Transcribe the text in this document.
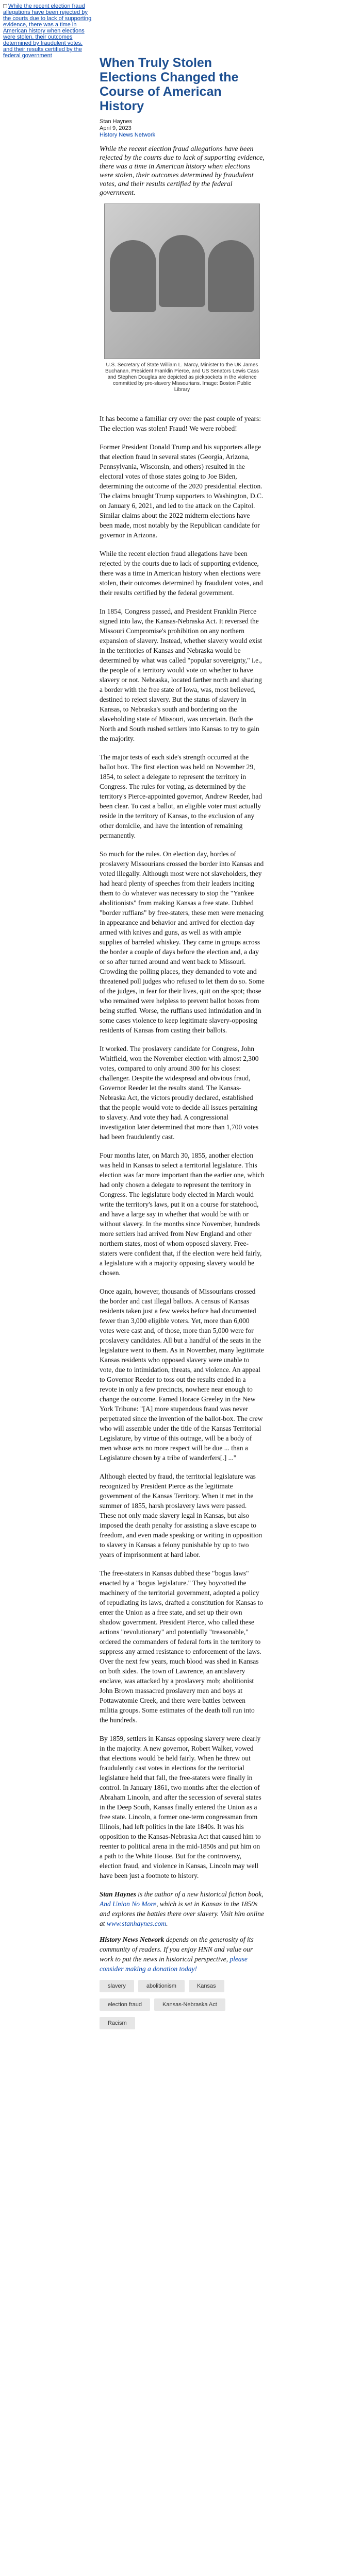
While the recent election fraud allegations have been rejected by the courts due to lack of supporting evidence, there was a time in American history when elections were stolen, their outcomes determined by fraudulent votes, and their results certified by the federal government	When Truly Stolen Elections Changed the Course of American History
Stan Haynes
April 9, 2023
History News Network

While the recent election fraud allegations have been rejected by the courts due to lack of supporting evidence, there was a time in American history when elections were stolen, their outcomes determined by fraudulent votes, and their results certified by the federal government.

U.S. Secretary of State William L. Marcy, Minister to the UK James Buchanan, President Franklin Pierce, and US Senators Lewis Cass and Stephen Douglas are depicted as pickpockets in the violence committed by pro-slavery Missourians. Image: Boston Public Library

It has become a familiar cry over the past couple of years: The election was stolen! Fraud! We were robbed!

Former President Donald Trump and his supporters allege that election fraud in several states (Georgia, Arizona, Pennsylvania, Wisconsin, and others) resulted in the electoral votes of those states going to Joe Biden, determining the outcome of the 2020 presidential election. The claims brought Trump supporters to Washington, D.C. on January 6, 2021, and led to the attack on the Capitol. Similar claims about the 2022 midterm elections have been made, most notably by the Republican candidate for governor in Arizona.

While the recent election fraud allegations have been rejected by the courts due to lack of supporting evidence, there was a time in American history when elections were stolen, their outcomes determined by fraudulent votes, and their results certified by the federal government.

In 1854, Congress passed, and President Franklin Pierce signed into law, the Kansas-Nebraska Act. It reversed the Missouri Compromise's prohibition on any northern expansion of slavery. Instead, whether slavery would exist in the territories of Kansas and Nebraska would be determined by what was called "popular sovereignty," i.e., the people of a territory would vote on whether to have slavery or not. Nebraska, located farther north and sharing a border with the free state of Iowa, was, most believed, destined to reject slavery. But the status of slavery in Kansas, to Nebraska's south and bordering on the slaveholding state of Missouri, was uncertain. Both the North and South rushed settlers into Kansas to try to gain the majority.

The major tests of each side's strength occurred at the ballot box. The first election was held on November 29, 1854, to select a delegate to represent the territory in Congress. The rules for voting, as determined by the territory's Pierce-appointed governor, Andrew Reeder, had been clear. To cast a ballot, an eligible voter must actually reside in the territory of Kansas, to the exclusion of any other domicile, and have the intention of remaining permanently.

So much for the rules. On election day, hordes of proslavery Missourians crossed the border into Kansas and voted illegally. Although most were not slaveholders, they had heard plenty of speeches from their leaders inciting them to do whatever was necessary to stop the "Yankee abolitionists" from making Kansas a free state. Dubbed "border ruffians" by free-staters, these men were menacing in appearance and behavior and arrived for election day armed with knives and guns, as well as with ample supplies of barreled whiskey. They came in groups across the border a couple of days before the election and, a day or so after turned around and went back to Missouri. Crowding the polling places, they demanded to vote and threatened poll judges who refused to let them do so. Some of the judges, in fear for their lives, quit on the spot; those who remained were helpless to prevent ballot boxes from being stuffed. Worse, the ruffians used intimidation and in some cases violence to keep legitimate slavery-opposing residents of Kansas from casting their ballots.

It worked. The proslavery candidate for Congress, John Whitfield, won the November election with almost 2,300 votes, compared to only around 300 for his closest challenger. Despite the widespread and obvious fraud, Governor Reeder let the results stand. The Kansas-Nebraska Act, the victors proudly declared, established that the people would vote to decide all issues pertaining to slavery. And vote they had. A congressional investigation later determined that more than 1,700 votes had been fraudulently cast.

Four months later, on March 30, 1855, another election was held in Kansas to select a territorial legislature. This election was far more important than the earlier one, which had only chosen a delegate to represent the territory in Congress. The legislature body elected in March would write the territory's laws, put it on a course for statehood, and have a large say in whether that would be with or without slavery. In the months since November, hundreds more settlers had arrived from New England and other northern states, most of whom opposed slavery. Free-staters were confident that, if the election were held fairly, a legislature with a majority opposing slavery would be chosen.

Once again, however, thousands of Missourians crossed the border and cast illegal ballots. A census of Kansas residents taken just a few weeks before had documented fewer than 3,000 eligible voters. Yet, more than 6,000 votes were cast and, of those, more than 5,000 were for proslavery candidates. All but a handful of the seats in the legislature went to them. As in November, many legitimate Kansas residents who opposed slavery were unable to vote, due to intimidation, threats, and violence. An appeal to Governor Reeder to toss out the results ended in a revote in only a few precincts, nowhere near enough to change the outcome. Famed Horace Greeley in the New York Tribune: "[A] more stupendous fraud was never perpetrated since the invention of the ballot-box. The crew who will assemble under the title of the Kansas Territorial Legislature, by virtue of this outrage, will be a body of men whose acts no more respect will be due ... than a Legislature chosen by a tribe of wanderfers[.] ..."

Although elected by fraud, the territorial legislature was recognized by President Pierce as the legitimate government of the Kansas Territory. When it met in the summer of 1855, harsh proslavery laws were passed. These not only made slavery legal in Kansas, but also imposed the death penalty for assisting a slave escape to freedom, and even made speaking or writing in opposition to slavery in Kansas a felony punishable by up to two years of imprisonment at hard labor.

The free-staters in Kansas dubbed these "bogus laws" enacted by a "bogus legislature." They boycotted the machinery of the territorial government, adopted a policy of repudiating its laws, drafted a constitution for Kansas to enter the Union as a free state, and set up their own shadow government. President Pierce, who called these actions "revolutionary" and potentially "treasonable," ordered the commanders of federal forts in the territory to suppress any armed resistance to enforcement of the laws. Over the next few years, much blood was shed in Kansas on both sides. The town of Lawrence, an antislavery enclave, was attacked by a proslavery mob; abolitionist John Brown massacred proslavery men and boys at Pottawatomie Creek, and there were battles between militia groups. Some estimates of the death toll run into the hundreds.

By 1859, settlers in Kansas opposing slavery were clearly in the majority. A new governor, Robert Walker, vowed that elections would be held fairly. When he threw out fraudulently cast votes in elections for the territorial legislature held that fall, the free-staters were finally in control. In January 1861, two months after the election of Abraham Lincoln, and after the secession of several states in the Deep South, Kansas finally entered the Union as a free state. Lincoln, a former one-term congressman from Illinois, had left politics in the late 1840s. It was his opposition to the Kansas-Nebraska Act that caused him to reenter to political arena in the mid-1850s and put him on a path to the White House. But for the controversy, election fraud, and violence in Kansas, Lincoln may well have been just a footnote to history.

Stan Haynes is the author of a new historical fiction book, And Union No More, which is set in Kansas in the 1850s and explores the battles there over slavery. Visit him online at www.stanhaynes.com.

History News Network depends on the generosity of its community of readers. If you enjoy HNN and value our work to put the news in historical perspective, please consider making a donation today!

slavery	abolitionism	Kansaselection fraud	Kansas-Nebraska ActRacism
